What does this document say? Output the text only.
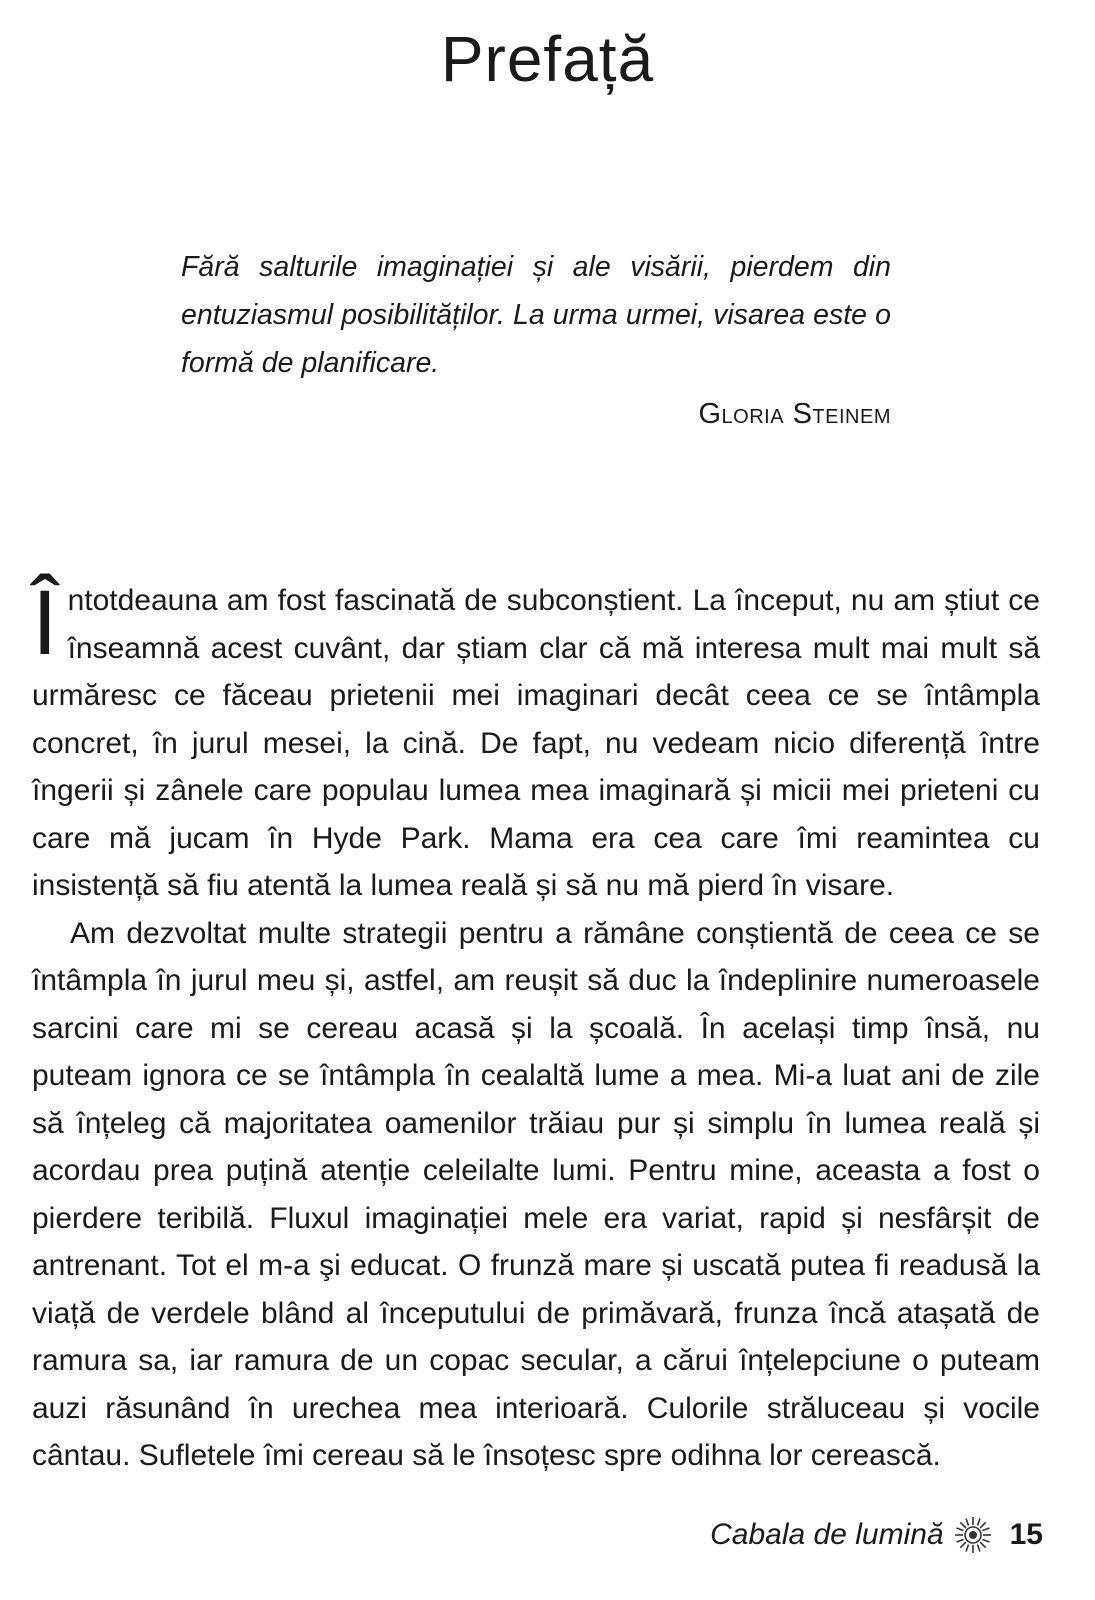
Prefață

Fără salturile imaginației și ale visării, pierdem din entuziasmul posibilităților. La urma urmei, visarea este o formă de planificare.

Gloria Steinem

Întotdeauna am fost fascinată de subconștient. La început, nu am știut ce înseamnă acest cuvânt, dar știam clar că mă interesa mult mai mult să urmăresc ce făceau prietenii mei imaginari decât ceea ce se întâmpla concret, în jurul mesei, la cină. De fapt, nu vedeam nicio diferență între îngerii și zânele care populau lumea mea imaginară și micii mei prieteni cu care mă jucam în Hyde Park. Mama era cea care îmi reamintea cu insistență să fiu atentă la lumea reală și să nu mă pierd în visare.

Am dezvoltat multe strategii pentru a rămâne conștientă de ceea ce se întâmpla în jurul meu și, astfel, am reușit să duc la îndeplinire numeroasele sarcini care mi se cereau acasă și la școală. În același timp însă, nu puteam ignora ce se întâmpla în cealaltă lume a mea. Mi-a luat ani de zile să înțeleg că majoritatea oamenilor trăiau pur și simplu în lumea reală și acordau prea puțină atenție celeilalte lumi. Pentru mine, aceasta a fost o pierdere teribilă. Fluxul imaginației mele era variat, rapid și nesfârșit de antrenant. Tot el m-a şi educat. O frunză mare și uscată putea fi readusă la viață de verdele blând al începutului de primăvară, frunza încă atașată de ramura sa, iar ramura de un copac secular, a cărui înțelepciune o puteam auzi răsunând în urechea mea interioară. Culorile străluceau și vocile cântau. Sufletele îmi cereau să le însoțesc spre odihna lor cerească.

Cabala de lumină 15
